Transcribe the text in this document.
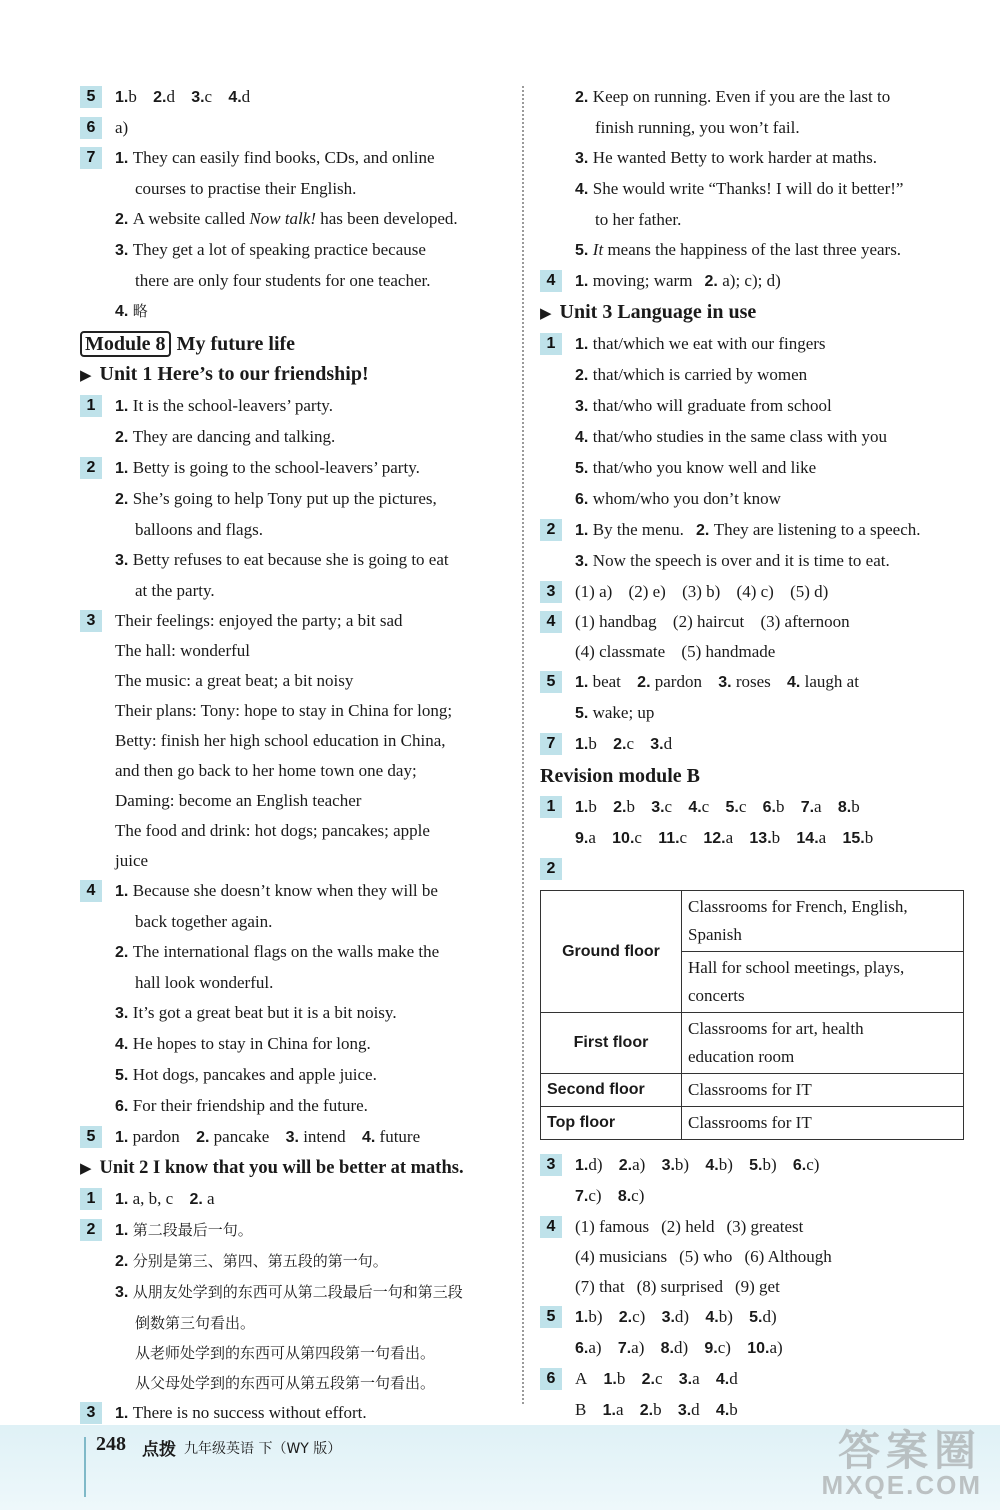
5	1.b 2.d 3.c 4.d
6	a)
7	1. They can easily find books, CDs, and online
courses to practise their English.
2. A website called Now talk! has been developed.
3. They get a lot of speaking practice because
there are only four students for one teacher.
4. 略
Module 8 My future life
▶ Unit 1 Here’s to our friendship!
1	1. It is the school-leavers’ party.
2. They are dancing and talking.
2	1. Betty is going to the school-leavers’ party.
2. She’s going to help Tony put up the pictures,
balloons and flags.
3. Betty refuses to eat because she is going to eat
at the party.
3	Their feelings: enjoyed the party; a bit sad
The hall: wonderful
The music: a great beat; a bit noisy
Their plans: Tony: hope to stay in China for long;
Betty: finish her high school education in China,
and then go back to her home town one day;
Daming: become an English teacher
The food and drink: hot dogs; pancakes; apple
juice
4	1. Because she doesn’t know when they will be
back together again.
2. The international flags on the walls make the
hall look wonderful.
3. It’s got a great beat but it is a bit noisy.
4. He hopes to stay in China for long.
5. Hot dogs, pancakes and apple juice.
6. For their friendship and the future.
5	1. pardon 2. pancake 3. intend 4. future
▶ Unit 2 I know that you will be better at maths.
1	1. a, b, c 2. a
2	1. 第二段最后一句。
2. 分别是第三、第四、第五段的第一句。
3. 从朋友处学到的东西可从第二段最后一句和第三段
倒数第三句看出。
从老师处学到的东西可从第四段第一句看出。
从父母处学到的东西可从第五段第一句看出。
3	1. There is no success without effort.
2. Keep on running. Even if you are the last to
finish running, you won’t fail.
3. He wanted Betty to work harder at maths.
4. She would write “Thanks! I will do it better!”
to her father.
5. It means the happiness of the last three years.
4	1. moving; warm 2. a); c); d)
▶ Unit 3 Language in use
1	1. that/which we eat with our fingers
2. that/which is carried by women
3. that/who will graduate from school
4. that/who studies in the same class with you
5. that/who you know well and like
6. whom/who you don’t know
2	1. By the menu. 2. They are listening to a speech.
3. Now the speech is over and it is time to eat.
3	(1) a) (2) e) (3) b) (4) c) (5) d)
4	(1) handbag (2) haircut (3) afternoon
(4) classmate (5) handmade
5	1. beat 2. pardon 3. roses 4. laugh at
5. wake; up
7	1.b 2.c 3.d
Revision module B
1	1.b 2.b 3.c 4.c 5.c 6.b 7.a 8.b
9.a 10.c 11.c 12.a 13.b 14.a 15.b
2
Ground floor	Classrooms for French, English,
Spanish
	Hall for school meetings, plays,
concerts
First floor	Classrooms for art, health
education room
Second floor	Classrooms for IT
Top floor	Classrooms for IT
3	1.d) 2.a) 3.b) 4.b) 5.b) 6.c)
7.c) 8.c)
4	(1) famous (2) held (3) greatest
(4) musicians (5) who (6) Although
(7) that (8) surprised (9) get
5	1.b) 2.c) 3.d) 4.b) 5.d)
6.a) 7.a) 8.d) 9.c) 10.a)
6	A 1.b 2.c 3.a 4.d
B 1.a 2.b 3.d 4.b

248 点拨 九年级英语 下（WY 版）	答案圈
MXQE.COM
